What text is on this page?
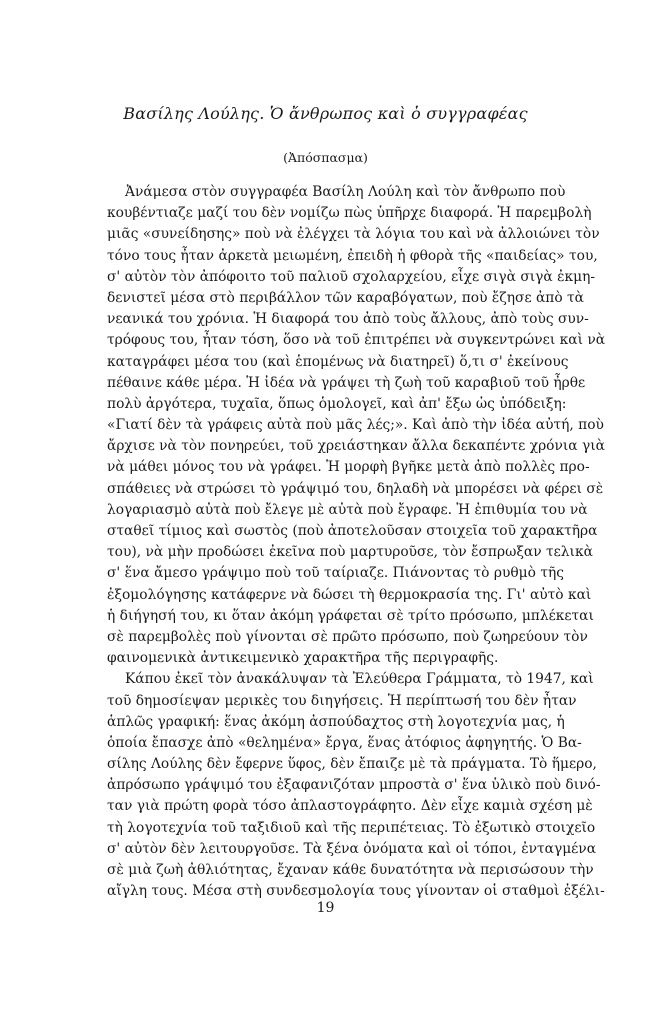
Βασίλης Λούλης. Ὁ ἄνθρωπος καὶ ὁ συγγραφέας
(Ἀπόσπασμα)
Ἀνάμεσα στὸν συγγραφέα Βασίλη Λούλη καὶ τὸν ἄνθρωπο ποὺ
κουβέντιαζε μαζί του δὲν νομίζω πὼς ὑπῆρχε διαφορά. Ἡ παρεμβολὴ
μιᾶς «συνείδησης» ποὺ νὰ ἐλέγχει τὰ λόγια του καὶ νὰ ἀλλοιώνει τὸν
τόνο τους ἦταν ἀρκετὰ μειωμένη, ἐπειδὴ ἡ φθορὰ τῆς «παιδείας» του,
σ' αὐτὸν τὸν ἀπόφοιτο τοῦ παλιοῦ σχολαρχείου, εἶχε σιγὰ σιγὰ ἐκμη-
δενιστεῖ μέσα στὸ περιβάλλον τῶν καραβόγατων, ποὺ ἔζησε ἀπὸ τὰ
νεανικά του χρόνια. Ἡ διαφορά του ἀπὸ τοὺς ἄλλους, ἀπὸ τοὺς συν-
τρόφους του, ἦταν τόση, ὅσο νὰ τοῦ ἐπιτρέπει νὰ συγκεντρώνει καὶ νὰ
καταγράφει μέσα του (καὶ ἑπομένως νὰ διατηρεῖ) ὅ,τι σ' ἐκείνους
πέθαινε κάθε μέρα. Ἡ ἰδέα νὰ γράψει τὴ ζωὴ τοῦ καραβιοῦ τοῦ ἦρθε
πολὺ ἀργότερα, τυχαῖα, ὅπως ὁμολογεῖ, καὶ ἀπ' ἔξω ὡς ὑπόδειξη:
«Γιατί δὲν τὰ γράφεις αὐτὰ ποὺ μᾶς λές;». Καὶ ἀπὸ τὴν ἰδέα αὐτή, ποὺ
ἄρχισε νὰ τὸν πονηρεύει, τοῦ χρειάστηκαν ἄλλα δεκαπέντε χρόνια γιὰ
νὰ μάθει μόνος του νὰ γράφει. Ἡ μορφὴ βγῆκε μετὰ ἀπὸ πολλὲς προ-
σπάθειες νὰ στρώσει τὸ γράψιμό του, δηλαδὴ νὰ μπορέσει νὰ φέρει σὲ
λογαριασμὸ αὐτὰ ποὺ ἔλεγε μὲ αὐτὰ ποὺ ἔγραφε. Ἡ ἐπιθυμία του νὰ
σταθεῖ τίμιος καὶ σωστὸς (ποὺ ἀποτελοῦσαν στοιχεῖα τοῦ χαρακτῆρα
του), νὰ μὴν προδώσει ἐκεῖνα ποὺ μαρτυροῦσε, τὸν ἔσπρωξαν τελικὰ
σ' ἕνα ἄμεσο γράψιμο ποὺ τοῦ ταίριαζε. Πιάνοντας τὸ ρυθμὸ τῆς
ἐξομολόγησης κατάφερνε νὰ δώσει τὴ θερμοκρασία της. Γι' αὐτὸ καὶ
ἡ διήγησή του, κι ὅταν ἀκόμη γράφεται σὲ τρίτο πρόσωπο, μπλέκεται
σὲ παρεμβολὲς ποὺ γίνονται σὲ πρῶτο πρόσωπο, ποὺ ζωηρεύουν τὸν
φαινομενικὰ ἀντικειμενικὸ χαρακτῆρα τῆς περιγραφῆς.
Κάπου ἐκεῖ τὸν ἀνακάλυψαν τὰ Ἐλεύθερα Γράμματα, τὸ 1947, καὶ
τοῦ δημοσίεψαν μερικὲς του διηγήσεις. Ἡ περίπτωσή του δὲν ἦταν
ἁπλῶς γραφική: ἕνας ἀκόμη ἀσπούδαχτος στὴ λογοτεχνία μας, ἡ
ὁποία ἔπασχε ἀπὸ «θελημένα» ἔργα, ἕνας ἀτόφιος ἀφηγητής. Ὁ Βα-
σίλης Λούλης δὲν ἔφερνε ὕφος, δὲν ἔπαιζε μὲ τὰ πράγματα. Τὸ ἥμερο,
ἀπρόσωπο γράψιμό του ἐξαφανιζόταν μπροστὰ σ' ἕνα ὑλικὸ ποὺ δινό-
ταν γιὰ πρώτη φορὰ τόσο ἀπλαστογράφητο. Δὲν εἶχε καμιὰ σχέση μὲ
τὴ λογοτεχνία τοῦ ταξιδιοῦ καὶ τῆς περιπέτειας. Τὸ ἐξωτικὸ στοιχεῖο
σ' αὐτὸν δὲν λειτουργοῦσε. Τὰ ξένα ὀνόματα καὶ οἱ τόποι, ἐνταγμένα
σὲ μιὰ ζωὴ ἀθλιότητας, ἔχαναν κάθε δυνατότητα νὰ περισώσουν τὴν
αἴγλη τους. Μέσα στὴ συνδεσμολογία τους γίνονταν οἱ σταθμοὶ ἐξέλι-
19
